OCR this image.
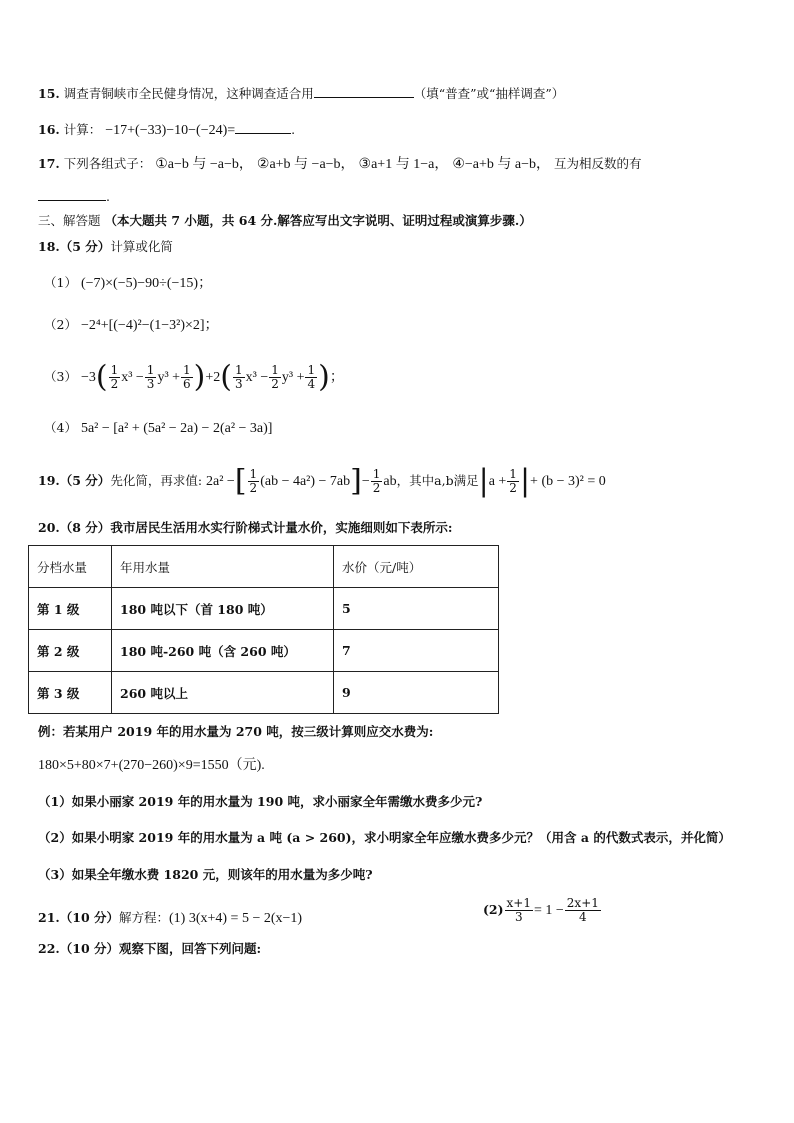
15. 调查青铜峡市全民健身情况，这种调查适合用	（填“普查”或“抽样调查”）
16. 计算： −17+(−33)−10−(−24)=	.
17. 下列各组式子： ①a−b 与 −a−b， ②a+b 与 −a−b， ③a+1 与 1−a， ④−a+b 与 a−b， 互为相反数的有
.
三、解答题 （本大题共 7 小题，共 64 分.解答应写出文字说明、证明过程或演算步骤.）
18.（5 分）计算或化简
（1） (−7)×(−5)−90÷(−15)；
（2） −2⁴+[(−4)²−(1−3²)×2]；
$(3) -3( \frac{1}{2} x^3 - \frac{1}{3} y^3 + \frac{1}{6} )+2( \frac{1}{3} x^3 - \frac{1}{2} y^3 + \frac{1}{4}$ )；
（4） 5a² − [a² + (5a² − 2a) − 2(a² − 3a)]
19.（5 分）先化简，再求值: 2a² −[ $\frac{1}{2} (ab - 4a^2) - 7ab]- \frac{1}{2}$ ab，其中a,b满足$|a + \frac{1}{2}$ |+ (b − 3)² = 0
20.（8 分）我市居民生活用水实行阶梯式计量水价，实施细则如下表所示:
分档水量	年用水量	水价（元/吨）
第 1 级	180 吨以下（首 180 吨）	5
第 2 级	180 吨-260 吨（含 260 吨）	7
第 3 级	260 吨以上	9
例：若某用户 2019 年的用水量为 270 吨，按三级计算则应交水费为:
180×5+80×7+(270−260)×9=1550（元).
（1）如果小丽家 2019 年的用水量为 190 吨，求小丽家全年需缴水费多少元?
（2）如果小明家 2019 年的用水量为 a 吨 (a > 260)，求小明家全年应缴水费多少元？（用含 a 的代数式表示，并化简）
（3）如果全年缴水费 1820 元，则该年的用水量为多少吨?
21.（10 分）解方程：(1) 3(x+4) = 5 − 2(x−1)
$(2) \frac{x+1}{3} = 1 - \frac{2x+1}{4}$
22.（10 分）观察下图，回答下列问题:
